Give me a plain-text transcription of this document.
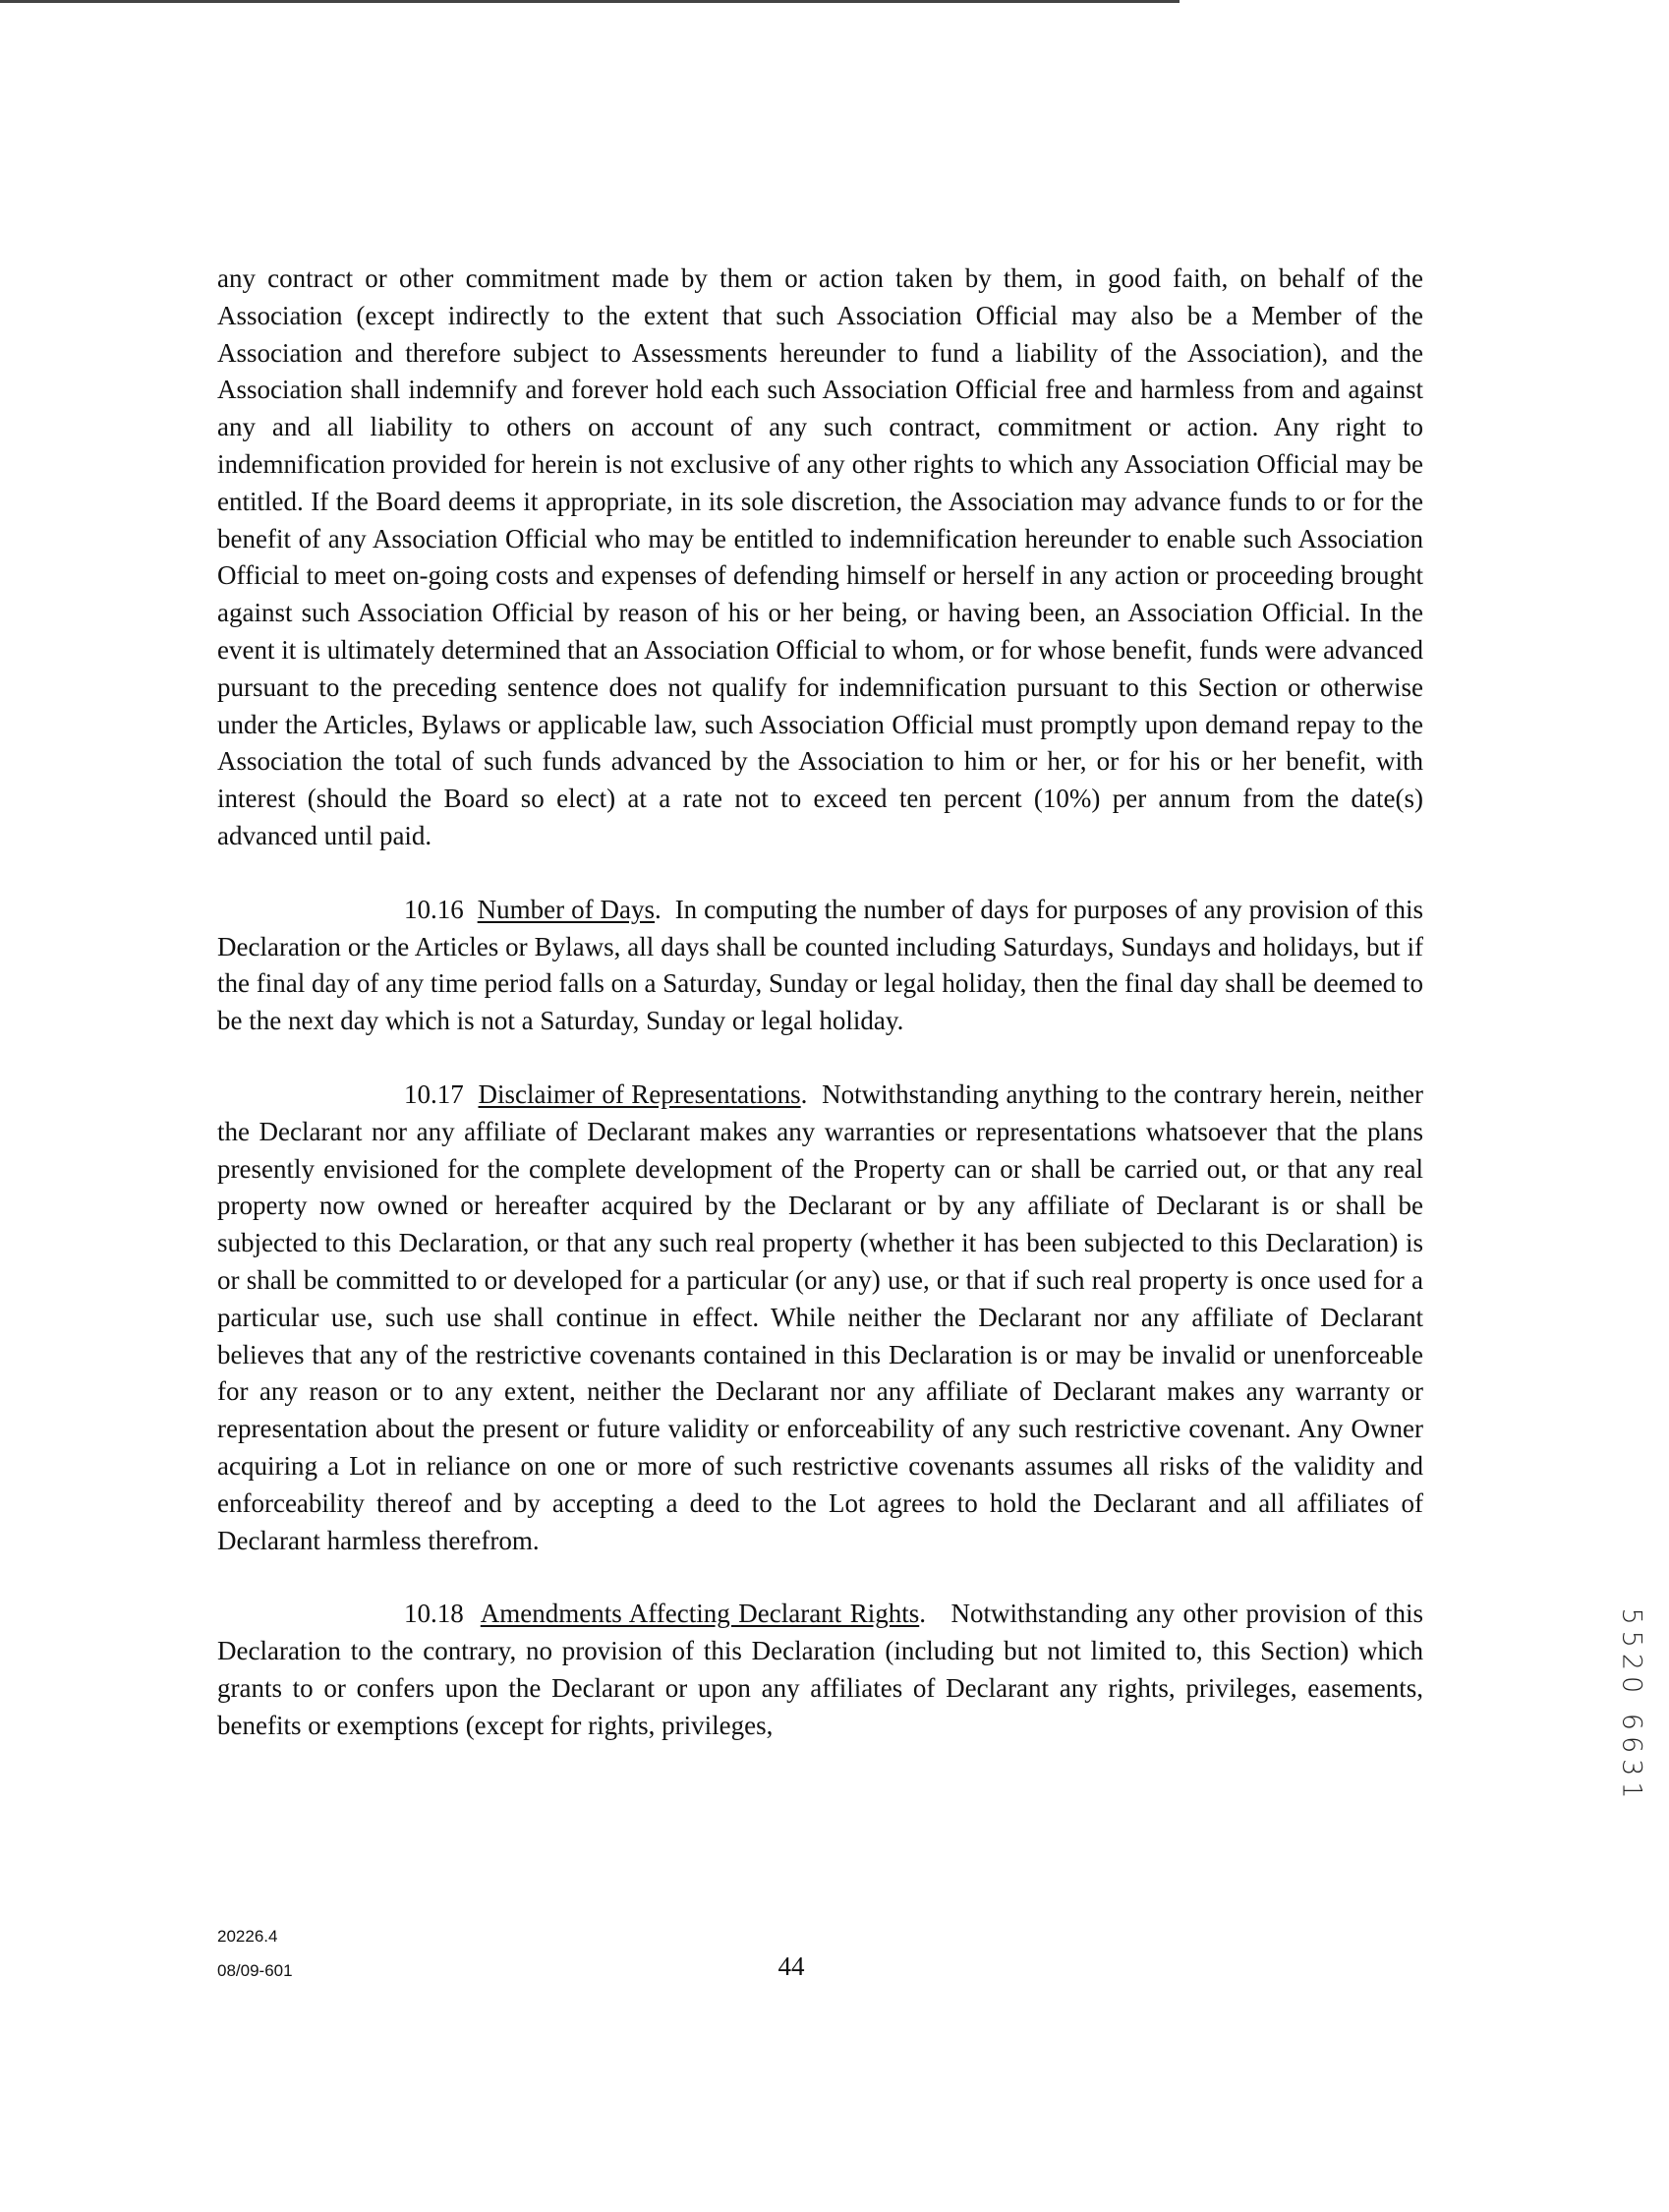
any contract or other commitment made by them or action taken by them, in good faith, on behalf of the Association (except indirectly to the extent that such Association Official may also be a Member of the Association and therefore subject to Assessments hereunder to fund a liability of the Association), and the Association shall indemnify and forever hold each such Association Official free and harmless from and against any and all liability to others on account of any such contract, commitment or action. Any right to indemnification provided for herein is not exclusive of any other rights to which any Association Official may be entitled. If the Board deems it appropriate, in its sole discretion, the Association may advance funds to or for the benefit of any Association Official who may be entitled to indemnification hereunder to enable such Association Official to meet on-going costs and expenses of defending himself or herself in any action or proceeding brought against such Association Official by reason of his or her being, or having been, an Association Official. In the event it is ultimately determined that an Association Official to whom, or for whose benefit, funds were advanced pursuant to the preceding sentence does not qualify for indemnification pursuant to this Section or otherwise under the Articles, Bylaws or applicable law, such Association Official must promptly upon demand repay to the Association the total of such funds advanced by the Association to him or her, or for his or her benefit, with interest (should the Board so elect) at a rate not to exceed ten percent (10%) per annum from the date(s) advanced until paid.

10.16 Number of Days.  In computing the number of days for purposes of any provision of this Declaration or the Articles or Bylaws, all days shall be counted including Saturdays, Sundays and holidays, but if the final day of any time period falls on a Saturday, Sunday or legal holiday, then the final day shall be deemed to be the next day which is not a Saturday, Sunday or legal holiday.

10.17 Disclaimer of Representations.  Notwithstanding anything to the contrary herein, neither the Declarant nor any affiliate of Declarant makes any warranties or representations whatsoever that the plans presently envisioned for the complete development of the Property can or shall be carried out, or that any real property now owned or hereafter acquired by the Declarant or by any affiliate of Declarant is or shall be subjected to this Declaration, or that any such real property (whether it has been subjected to this Declaration) is or shall be committed to or developed for a particular (or any) use, or that if such real property is once used for a particular use, such use shall continue in effect. While neither the Declarant nor any affiliate of Declarant believes that any of the restrictive covenants contained in this Declaration is or may be invalid or unenforceable for any reason or to any extent, neither the Declarant nor any affiliate of Declarant makes any warranty or representation about the present or future validity or enforceability of any such restrictive covenant. Any Owner acquiring a Lot in reliance on one or more of such restrictive covenants assumes all risks of the validity and enforceability thereof and by accepting a deed to the Lot agrees to hold the Declarant and all affiliates of Declarant harmless therefrom.

10.18 Amendments Affecting Declarant Rights.   Notwithstanding any other provision of this Declaration to the contrary, no provision of this Declaration (including but not limited to, this Section) which grants to or confers upon the Declarant or upon any affiliates of Declarant any rights, privileges, easements, benefits or exemptions (except for rights, privileges,	5520 6631
20226.4
08/09-601	44
